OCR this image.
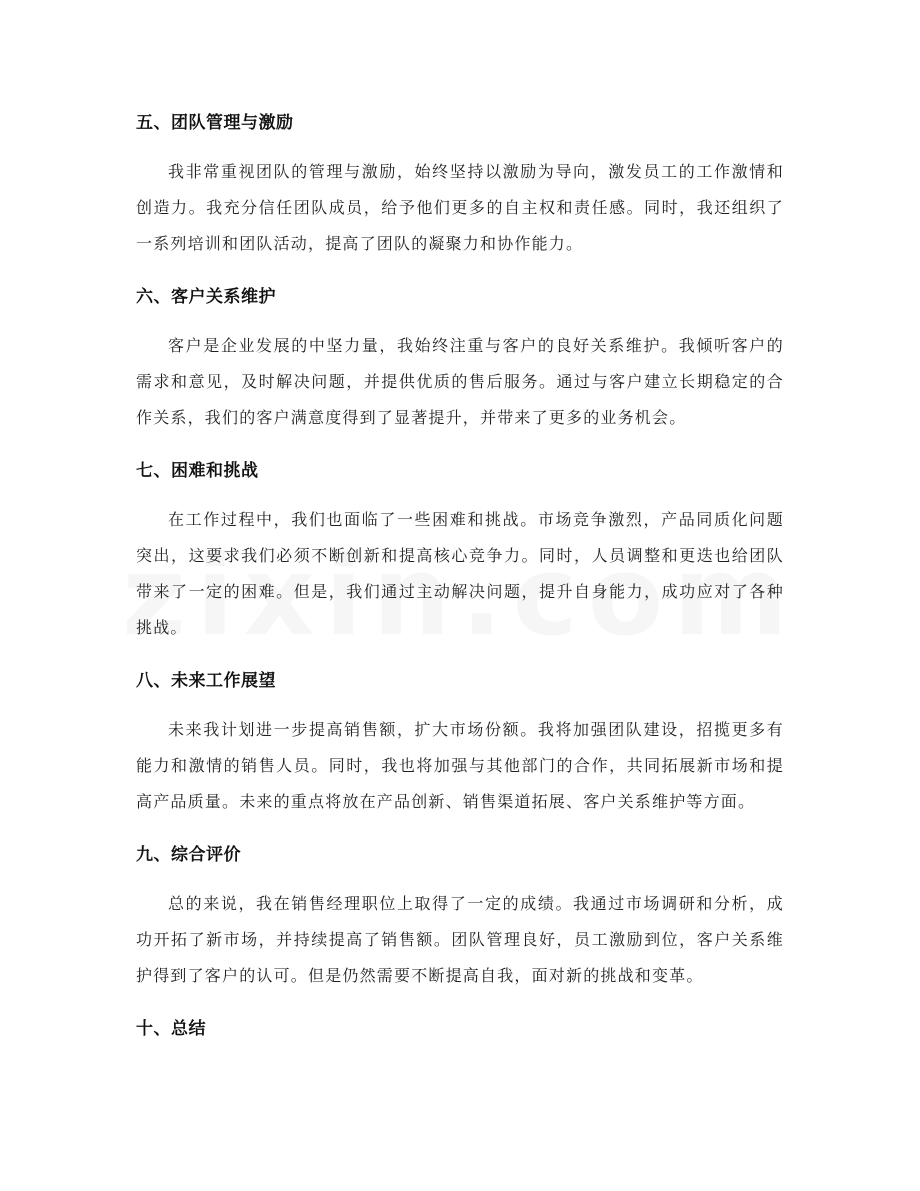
五、团队管理与激励

我非常重视团队的管理与激励，始终坚持以激励为导向，激发员工的工作激情和创造力。我充分信任团队成员，给予他们更多的自主权和责任感。同时，我还组织了一系列培训和团队活动，提高了团队的凝聚力和协作能力。

六、客户关系维护

客户是企业发展的中坚力量，我始终注重与客户的良好关系维护。我倾听客户的需求和意见，及时解决问题，并提供优质的售后服务。通过与客户建立长期稳定的合作关系，我们的客户满意度得到了显著提升，并带来了更多的业务机会。

七、困难和挑战

在工作过程中，我们也面临了一些困难和挑战。市场竞争激烈，产品同质化问题突出，这要求我们必须不断创新和提高核心竞争力。同时，人员调整和更迭也给团队带来了一定的困难。但是，我们通过主动解决问题，提升自身能力，成功应对了各种挑战。

八、未来工作展望

未来我计划进一步提高销售额，扩大市场份额。我将加强团队建设，招揽更多有能力和激情的销售人员。同时，我也将加强与其他部门的合作，共同拓展新市场和提高产品质量。未来的重点将放在产品创新、销售渠道拓展、客户关系维护等方面。

九、综合评价

总的来说，我在销售经理职位上取得了一定的成绩。我通过市场调研和分析，成功开拓了新市场，并持续提高了销售额。团队管理良好，员工激励到位，客户关系维护得到了客户的认可。但是仍然需要不断提高自我，面对新的挑战和变革。

十、总结
